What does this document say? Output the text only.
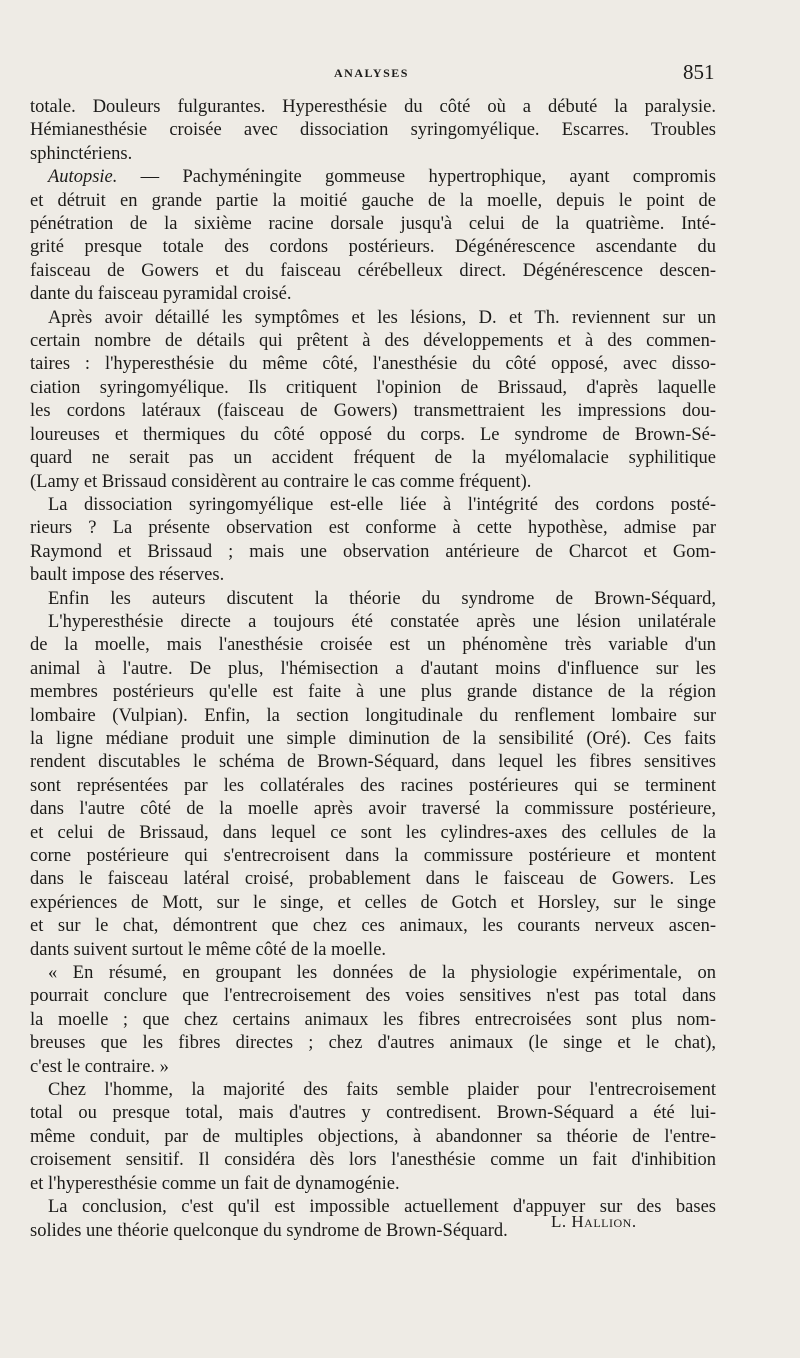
ANALYSES	851
totale. Douleurs fulgurantes. Hyperesthésie du côté où a débuté la paralysie.
Hémianesthésie croisée avec dissociation syringomyélique. Escarres. Troubles
sphinctériens.
Autopsie. — Pachyméningite gommeuse hypertrophique, ayant compromis
et détruit en grande partie la moitié gauche de la moelle, depuis le point de
pénétration de la sixième racine dorsale jusqu'à celui de la quatrième. Inté-
grité presque totale des cordons postérieurs. Dégénérescence ascendante du
faisceau de Gowers et du faisceau cérébelleux direct. Dégénérescence descen-
dante du faisceau pyramidal croisé.
Après avoir détaillé les symptômes et les lésions, D. et Th. reviennent sur un
certain nombre de détails qui prêtent à des développements et à des commen-
taires : l'hyperesthésie du même côté, l'anesthésie du côté opposé, avec disso-
ciation syringomyélique. Ils critiquent l'opinion de Brissaud, d'après laquelle
les cordons latéraux (faisceau de Gowers) transmettraient les impressions dou-
loureuses et thermiques du côté opposé du corps. Le syndrome de Brown-Sé-
quard ne serait pas un accident fréquent de la myélomalacie syphilitique
(Lamy et Brissaud considèrent au contraire le cas comme fréquent).
La dissociation syringomyélique est-elle liée à l'intégrité des cordons posté-
rieurs ? La présente observation est conforme à cette hypothèse, admise par
Raymond et Brissaud ; mais une observation antérieure de Charcot et Gom-
bault impose des réserves.
Enfin les auteurs discutent la théorie du syndrome de Brown-Séquard,
L'hyperesthésie directe a toujours été constatée après une lésion unilatérale
de la moelle, mais l'anesthésie croisée est un phénomène très variable d'un
animal à l'autre. De plus, l'hémisection a d'autant moins d'influence sur les
membres postérieurs qu'elle est faite à une plus grande distance de la région
lombaire (Vulpian). Enfin, la section longitudinale du renflement lombaire sur
la ligne médiane produit une simple diminution de la sensibilité (Oré). Ces faits
rendent discutables le schéma de Brown-Séquard, dans lequel les fibres sensitives
sont représentées par les collatérales des racines postérieures qui se terminent
dans l'autre côté de la moelle après avoir traversé la commissure postérieure,
et celui de Brissaud, dans lequel ce sont les cylindres-axes des cellules de la
corne postérieure qui s'entrecroisent dans la commissure postérieure et montent
dans le faisceau latéral croisé, probablement dans le faisceau de Gowers. Les
expériences de Mott, sur le singe, et celles de Gotch et Horsley, sur le singe
et sur le chat, démontrent que chez ces animaux, les courants nerveux ascen-
dants suivent surtout le même côté de la moelle.
« En résumé, en groupant les données de la physiologie expérimentale, on
pourrait conclure que l'entrecroisement des voies sensitives n'est pas total dans
la moelle ; que chez certains animaux les fibres entrecroisées sont plus nom-
breuses que les fibres directes ; chez d'autres animaux (le singe et le chat),
c'est le contraire. »
Chez l'homme, la majorité des faits semble plaider pour l'entrecroisement
total ou presque total, mais d'autres y contredisent. Brown-Séquard a été lui-
même conduit, par de multiples objections, à abandonner sa théorie de l'entre-
croisement sensitif. Il considéra dès lors l'anesthésie comme un fait d'inhibition
et l'hyperesthésie comme un fait de dynamogénie.
La conclusion, c'est qu'il est impossible actuellement d'appuyer sur des bases
solides une théorie quelconque du syndrome de Brown-Séquard.	L. Hallion.
